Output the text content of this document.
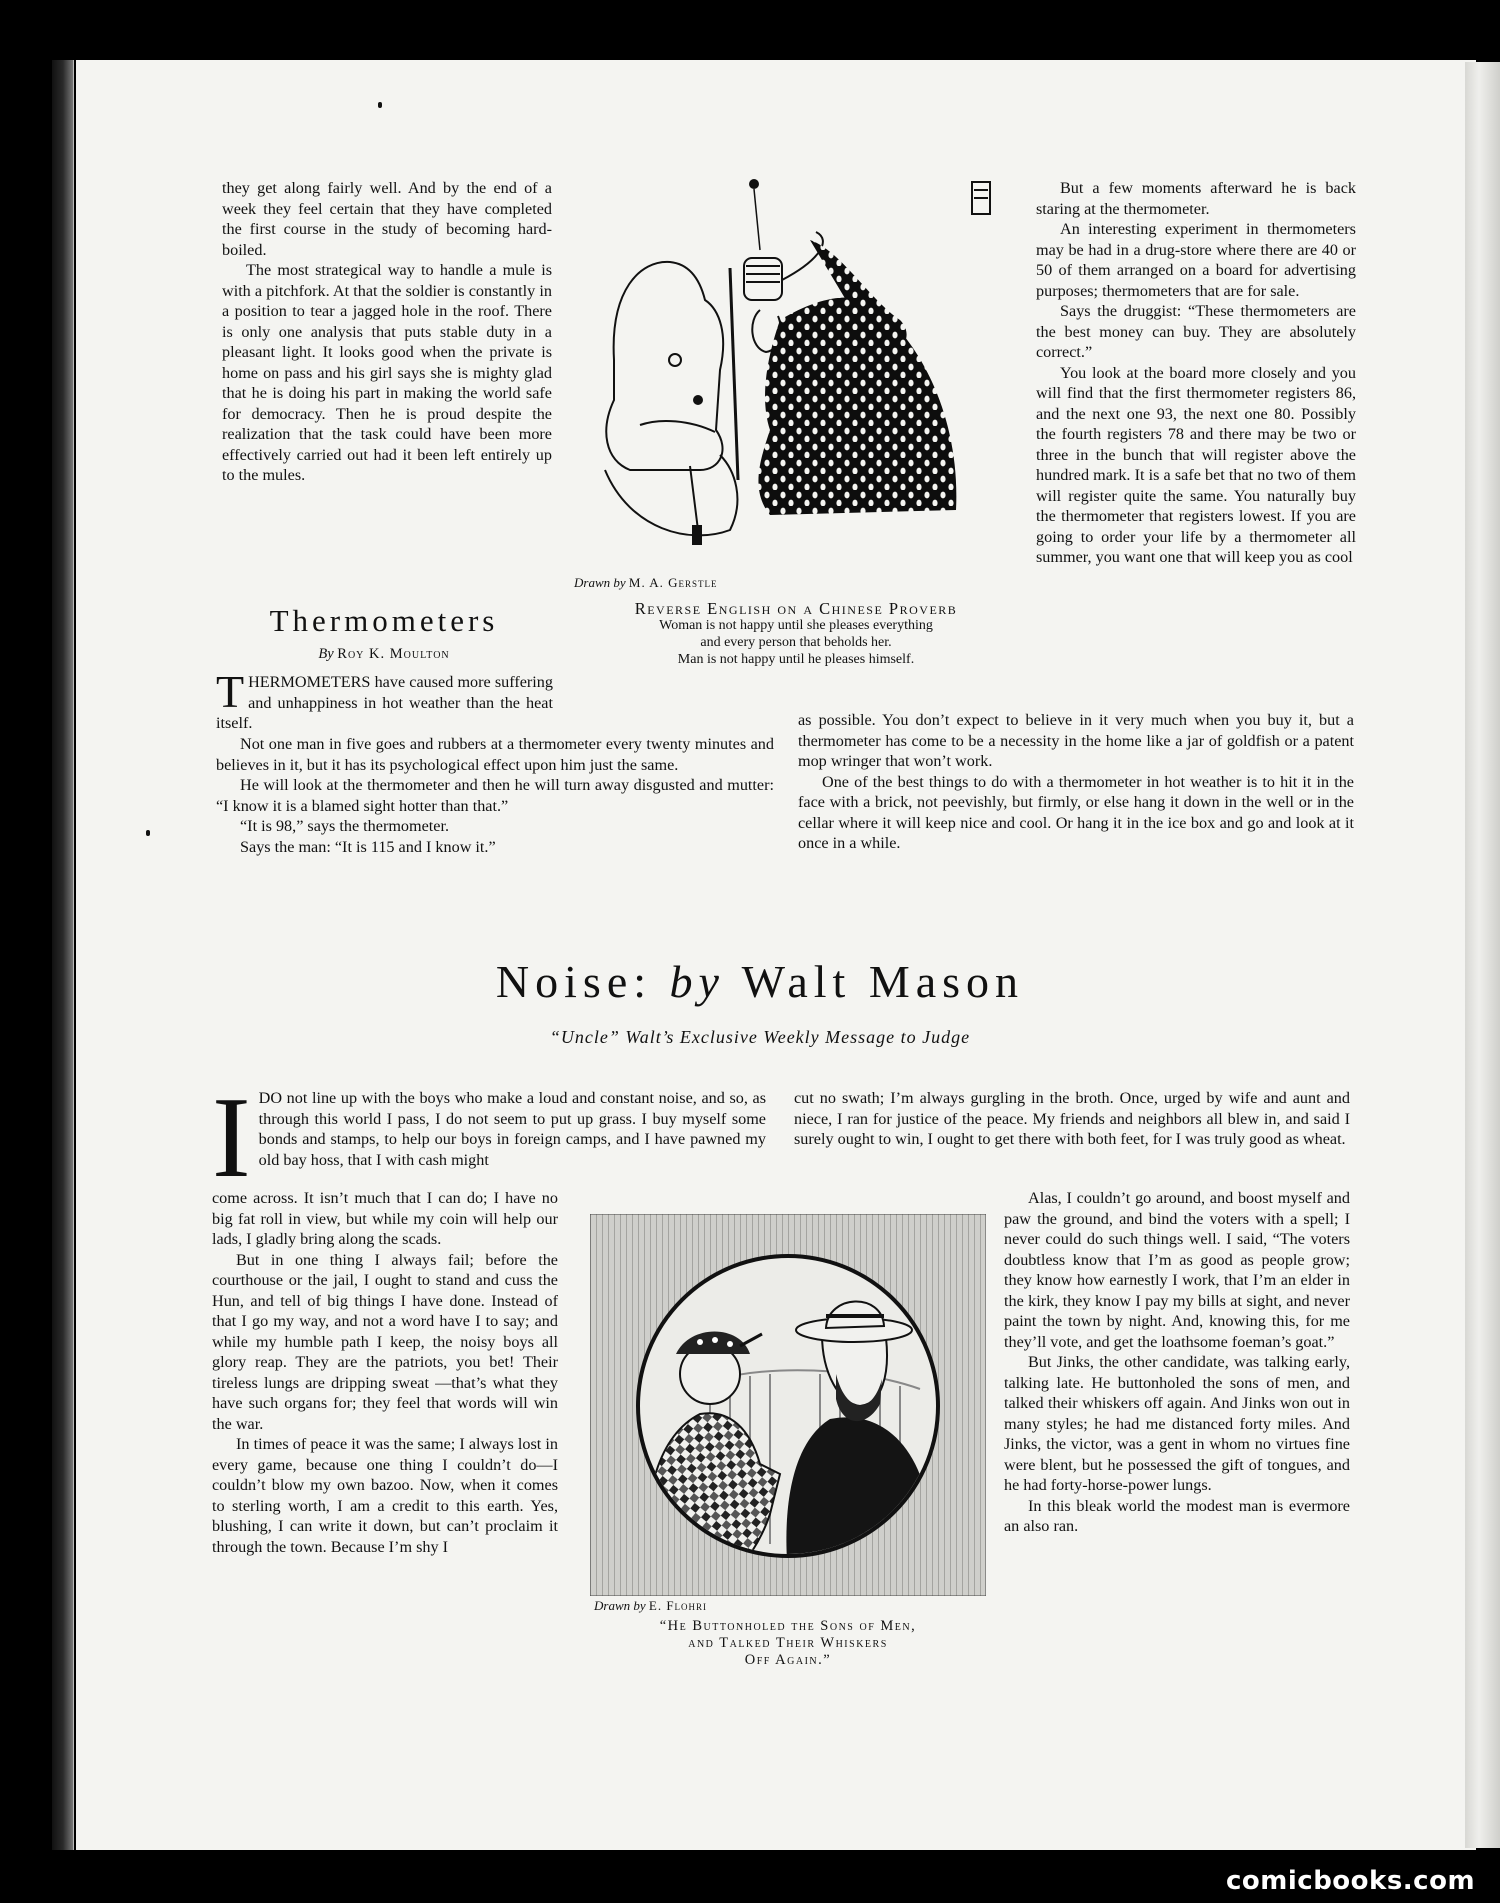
they get along fairly well. And by the end of a week they feel certain that they have completed the first course in the study of becoming hard-boiled.

The most strategical way to handle a mule is with a pitchfork. At that the soldier is constantly in a position to tear a jagged hole in the roof. There is only one analysis that puts stable duty in a pleasant light. It looks good when the private is home on pass and his girl says she is mighty glad that he is doing his part in making the world safe for democracy. Then he is proud despite the realization that the task could have been more effectively carried out had it been left entirely up to the mules.

Thermometers
By Roy K. Moulton

THERMOMETERS have caused more suffering and unhappiness in hot weather than the heat itself.

Not one man in five goes and rubbers at a thermometer every twenty minutes and believes in it, but it has its psychological effect upon him just the same.

He will look at the thermometer and then he will turn away disgusted and mutter: “I know it is a blamed sight hotter than that.”

“It is 98,” says the thermometer.

Says the man: “It is 115 and I know it.”

But a few moments afterward he is back staring at the thermometer.

An interesting experiment in thermometers may be had in a drug-store where there are 40 or 50 of them arranged on a board for advertising purposes; thermometers that are for sale.

Says the druggist: “These thermometers are the best money can buy. They are absolutely correct.”

You look at the board more closely and you will find that the first thermometer registers 86, and the next one 93, the next one 80. Possibly the fourth registers 78 and there may be two or three in the bunch that will register above the hundred mark. It is a safe bet that no two of them will register quite the same. You naturally buy the thermometer that registers lowest. If you are going to order your life by a thermometer all summer, you want one that will keep you as cool

as possible. You don’t expect to believe in it very much when you buy it, but a thermometer has come to be a necessity in the home like a jar of goldfish or a patent mop wringer that won’t work.

One of the best things to do with a thermometer in hot weather is to hit it in the face with a brick, not peevishly, but firmly, or else hang it down in the well or in the cellar where it will keep nice and cool. Or hang it in the ice box and go and look at it once in a while.

Drawn by M. A. Gerstle
Reverse English on a Chinese Proverb
Woman is not happy until she pleases everything
and every person that beholds her.
Man is not happy until he pleases himself.
Noise: by Walt Mason
“Uncle” Walt’s Exclusive Weekly Message to Judge

IDO not line up with the boys who make a loud and constant noise, and so, as through this world I pass, I do not seem to put up grass. I buy myself some bonds and stamps, to help our boys in foreign camps, and I have pawned my old bay hoss, that I with cash might

come across. It isn’t much that I can do; I have no big fat roll in view, but while my coin will help our lads, I gladly bring along the scads.

But in one thing I always fail; before the courthouse or the jail, I ought to stand and cuss the Hun, and tell of big things I have done. Instead of that I go my way, and not a word have I to say; and while my humble path I keep, the noisy boys all glory reap. They are the patriots, you bet! Their tireless lungs are dripping sweat —that’s what they have such organs for; they feel that words will win the war.

In times of peace it was the same; I always lost in every game, because one thing I couldn’t do—I couldn’t blow my own bazoo. Now, when it comes to sterling worth, I am a credit to this earth. Yes, blushing, I can write it down, but can’t proclaim it through the town. Because I’m shy I

cut no swath; I’m always gurgling in the broth. Once, urged by wife and aunt and niece, I ran for justice of the peace. My friends and neighbors all blew in, and said I surely ought to win, I ought to get there with both feet, for I was truly good as wheat.

Alas, I couldn’t go around, and boost myself and paw the ground, and bind the voters with a spell; I never could do such things well. I said, “The voters doubtless know that I’m as good as people grow; they know how earnestly I work, that I’m an elder in the kirk, they know I pay my bills at sight, and never paint the town by night. And, knowing this, for me they’ll vote, and get the loathsome foeman’s goat.”

But Jinks, the other candidate, was talking early, talking late. He buttonholed the sons of men, and talked their whiskers off again. And Jinks won out in many styles; he had me distanced forty miles. And Jinks, the victor, was a gent in whom no virtues fine were blent, but he possessed the gift of tongues, and he had forty-horse-power lungs.

In this bleak world the modest man is evermore an also ran.

Drawn by E. Flohri
“He Buttonholed the Sons of Men,
and Talked Their Whiskers
Off Again.”
comicbooks.com
